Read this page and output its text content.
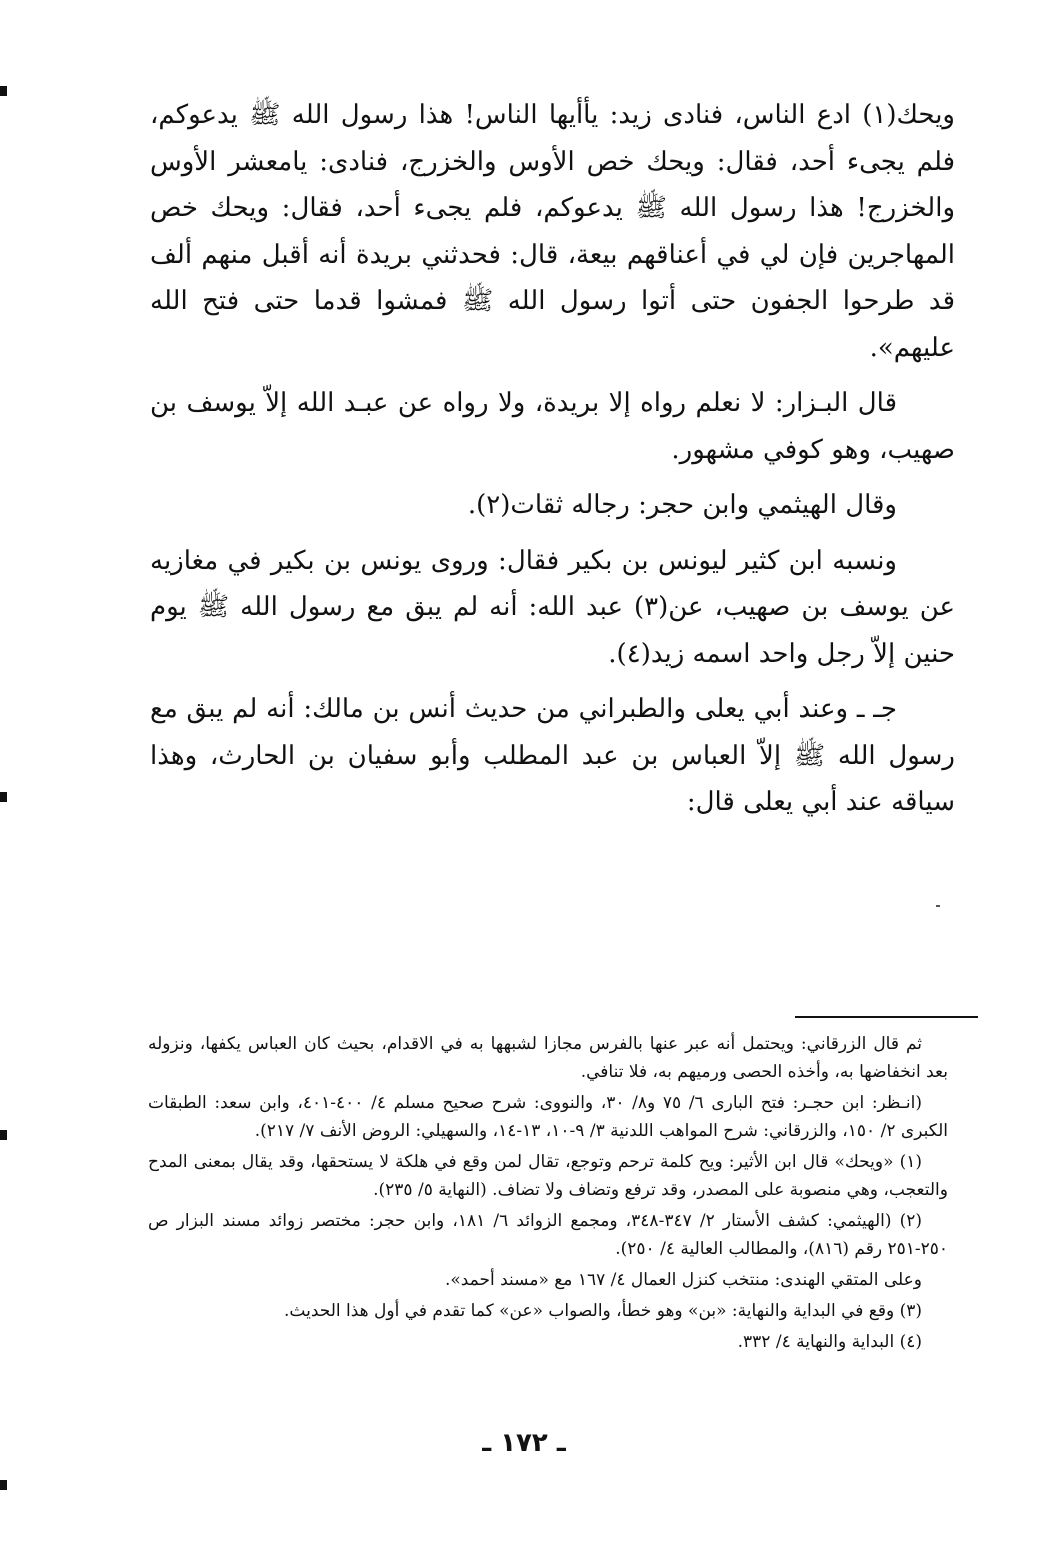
ويحك(١) ادع الناس، فنادى زيد: يأأيها الناس! هذا رسول الله ﷺ يدعوكم، فلم يجىء أحد، فقال: ويحك خص الأوس والخزرج، فنادى: يامعشر الأوس والخزرج! هذا رسول الله ﷺ يدعوكم، فلم يجىء أحد، فقال: ويحك خص المهاجرين فإن لي في أعناقهم بيعة، قال: فحدثني بريدة أنه أقبل منهم ألف قد طرحوا الجفون حتى أتوا رسول الله ﷺ فمشوا قدما حتى فتح الله عليهم».

قال البـزار: لا نعلم رواه إلا بريدة، ولا رواه عن عبـد الله إلاّ يوسف بن صهيب، وهو كوفي مشهور.

وقال الهيثمي وابن حجر: رجاله ثقات(٢).

ونسبه ابن كثير ليونس بن بكير فقال: وروى يونس بن بكير في مغازيه عن يوسف بن صهيب، عن(٣) عبد الله: أنه لم يبق مع رسول الله ﷺ يوم حنين إلاّ رجل واحد اسمه زيد(٤).

جـ ـ وعند أبي يعلى والطبراني من حديث أنس بن مالك: أنه لم يبق مع رسول الله ﷺ إلاّ العباس بن عبد المطلب وأبو سفيان بن الحارث، وهذا سياقه عند أبي يعلى قال:

ثم قال الزرقاني: ويحتمل أنه عبر عنها بالفرس مجازا لشبهها به في الاقدام، بحيث كان العباس يكفها، ونزوله بعد انخفاضها به، وأخذه الحصى ورميهم به، فلا تنافي.

(انـظر: ابن حجـر: فتح البارى ٦/ ٧٥ و٨/ ٣٠، والنووى: شرح صحيح مسلم ٤/ ٤٠٠-٤٠١، وابن سعد: الطبقات الكبرى ٢/ ١٥٠، والزرقاني: شرح المواهب اللدنية ٣/ ٩-١٠، ١٣-١٤، والسهيلي: الروض الأنف ٧/ ٢١٧).

(١) «ويحك» قال ابن الأثير: ويح كلمة ترحم وتوجع، تقال لمن وقع في هلكة لا يستحقها، وقد يقال بمعنى المدح والتعجب، وهي منصوبة على المصدر، وقد ترفع وتضاف ولا تضاف. (النهاية ٥/ ٢٣٥).

(٢) (الهيثمي: كشف الأستار ٢/ ٣٤٧-٣٤٨، ومجمع الزوائد ٦/ ١٨١، وابن حجر: مختصر زوائد مسند البزار ص ٢٥٠-٢٥١ رقم (٨١٦)، والمطالب العالية ٤/ ٢٥٠).

وعلى المتقي الهندى: منتخب كنزل العمال ٤/ ١٦٧ مع «مسند أحمد».

(٣) وقع في البداية والنهاية: «بن» وهو خطأ، والصواب «عن» كما تقدم في أول هذا الحديث.

(٤) البداية والنهاية ٤/ ٣٣٢.

ـ ١٧٢ ـ
